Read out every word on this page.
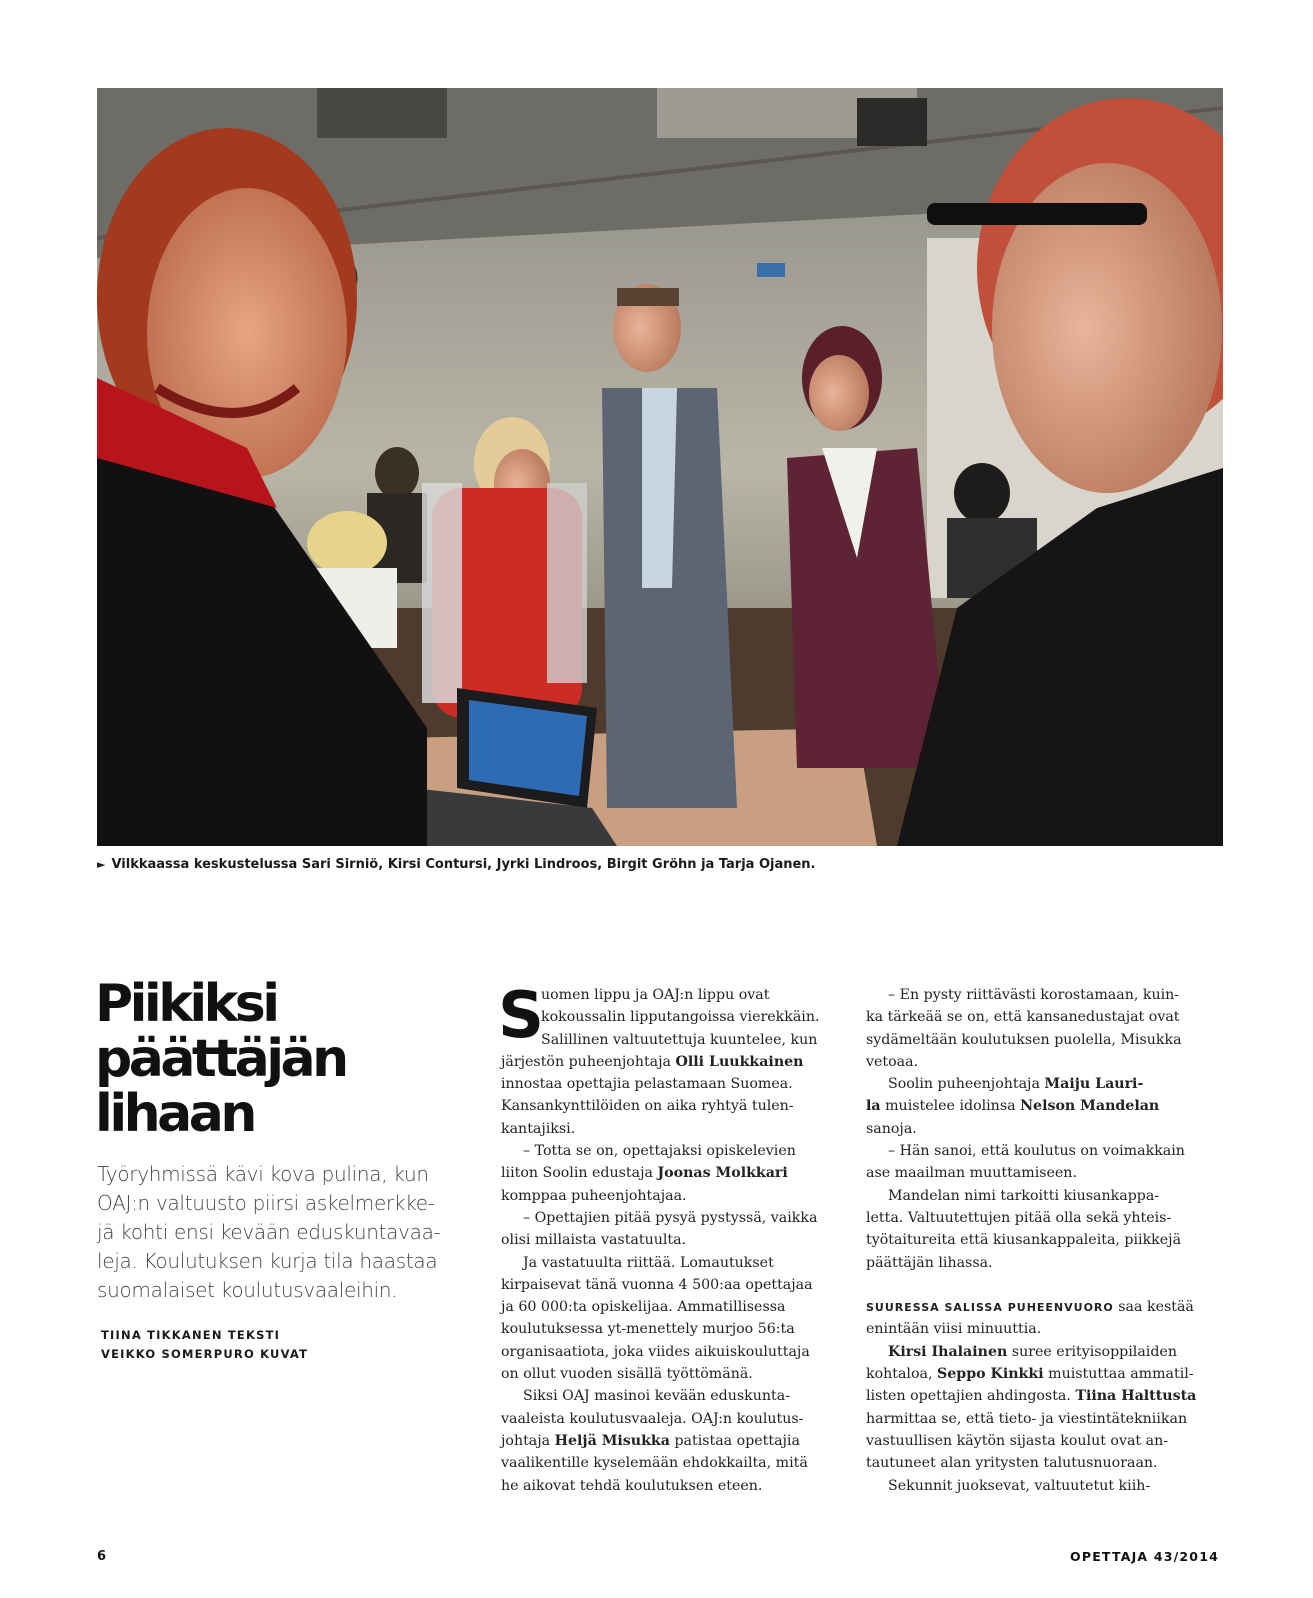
► Vilkkaassa keskustelussa Sari Sirniö, Kirsi Contursi, Jyrki Lindroos, Birgit Gröhn ja Tarja Ojanen.
Piikiksi
päättäjän
lihaan
Työryhmissä kävi kova pulina, kun
OAJ:n valtuusto piirsi askelmerkke-
jä kohti ensi kevään eduskuntavaa-
leja. Koulutuksen kurja tila haastaa
suomalaiset koulutusvaaleihin.
TIINA TIKKANEN TEKSTI
VEIKKO SOMERPURO KUVAT
S
uomen lippu ja OAJ:n lippu ovat
kokoussalin lipputangoissa vierekkäin.
Salillinen valtuutettuja kuuntelee, kun
järjestön puheenjohtaja Olli Luukkainen
innostaa opettajia pelastamaan Suomea.
Kansankynttilöiden on aika ryhtyä tulen-
kantajiksi.
– Totta se on, opettajaksi opiskelevien
liiton Soolin edustaja Joonas Molkkari
komppaa puheenjohtajaa.
– Opettajien pitää pysyä pystyssä, vaikka
olisi millaista vastatuulta.
Ja vastatuulta riittää. Lomautukset
kirpaisevat tänä vuonna 4 500:aa opettajaa
ja 60 000:ta opiskelijaa. Ammatillisessa
koulutuksessa yt-menettely murjoo 56:ta
organisaatiota, joka viides aikuiskouluttaja
on ollut vuoden sisällä työttömänä.
Siksi OAJ masinoi kevään eduskunta-
vaaleista koulutusvaaleja. OAJ:n koulutus-
johtaja Heljä Misukka patistaa opettajia
vaalikentille kyselemään ehdokkailta, mitä
he aikovat tehdä koulutuksen eteen.
– En pysty riittävästi korostamaan, kuin-
ka tärkeää se on, että kansanedustajat ovat
sydämeltään koulutuksen puolella, Misukka
vetoaa.
Soolin puheenjohtaja Maiju Lauri-
la muistelee idolinsa Nelson Mandelan
sanoja.
– Hän sanoi, että koulutus on voimakkain
ase maailman muuttamiseen.
Mandelan nimi tarkoitti kiusankappa-
letta. Valtuutettujen pitää olla sekä yhteis-
työtaitureita että kiusankappaleita, piikkejä
päättäjän lihassa.
SUURESSA SALISSA PUHEENVUORO saa kestää
enintään viisi minuuttia.
Kirsi Ihalainen suree erityisoppilaiden
kohtaloa, Seppo Kinkki muistuttaa ammatil-
listen opettajien ahdingosta. Tiina Halttusta
harmittaa se, että tieto- ja viestintätekniikan
vastuullisen käytön sijasta koulut ovat an-
tautuneet alan yritysten talutusnuoraan.
Sekunnit juoksevat, valtuutetut kiih-
6	OPETTAJA 43/2014
